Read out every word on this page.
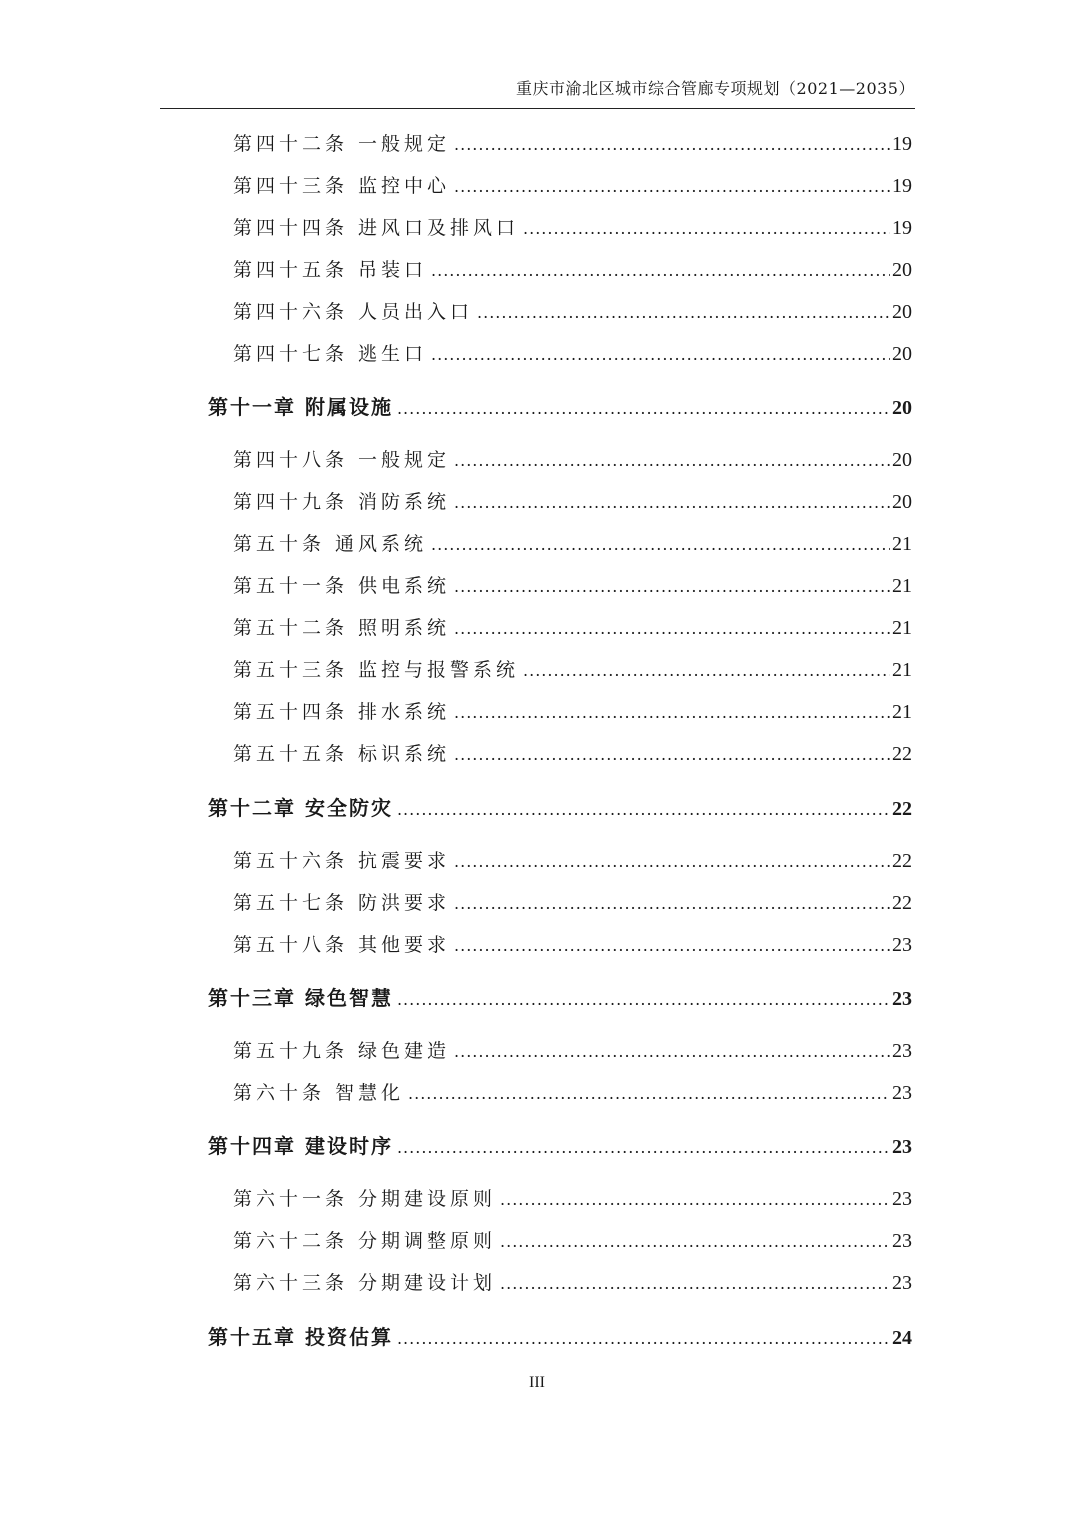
重庆市渝北区城市综合管廊专项规划（2021—2035）
第四十二条 一般规定 .....	19
第四十三条 监控中心 .....	19
第四十四条 进风口及排风口 .....	19
第四十五条 吊装口 .....	20
第四十六条 人员出入口 .....	20
第四十七条 逃生口 .....	20
第十一章 附属设施 .....	20
第四十八条 一般规定 .....	20
第四十九条 消防系统 .....	20
第五十条 通风系统 .....	21
第五十一条 供电系统 .....	21
第五十二条 照明系统 .....	21
第五十三条 监控与报警系统 .....	21
第五十四条 排水系统 .....	21
第五十五条 标识系统 .....	22
第十二章 安全防灾 .....	22
第五十六条 抗震要求 .....	22
第五十七条 防洪要求 .....	22
第五十八条 其他要求 .....	23
第十三章 绿色智慧 .....	23
第五十九条 绿色建造 .....	23
第六十条 智慧化 .....	23
第十四章 建设时序 .....	23
第六十一条 分期建设原则 .....	23
第六十二条 分期调整原则 .....	23
第六十三条 分期建设计划 .....	23
第十五章 投资估算 .....	24
III
